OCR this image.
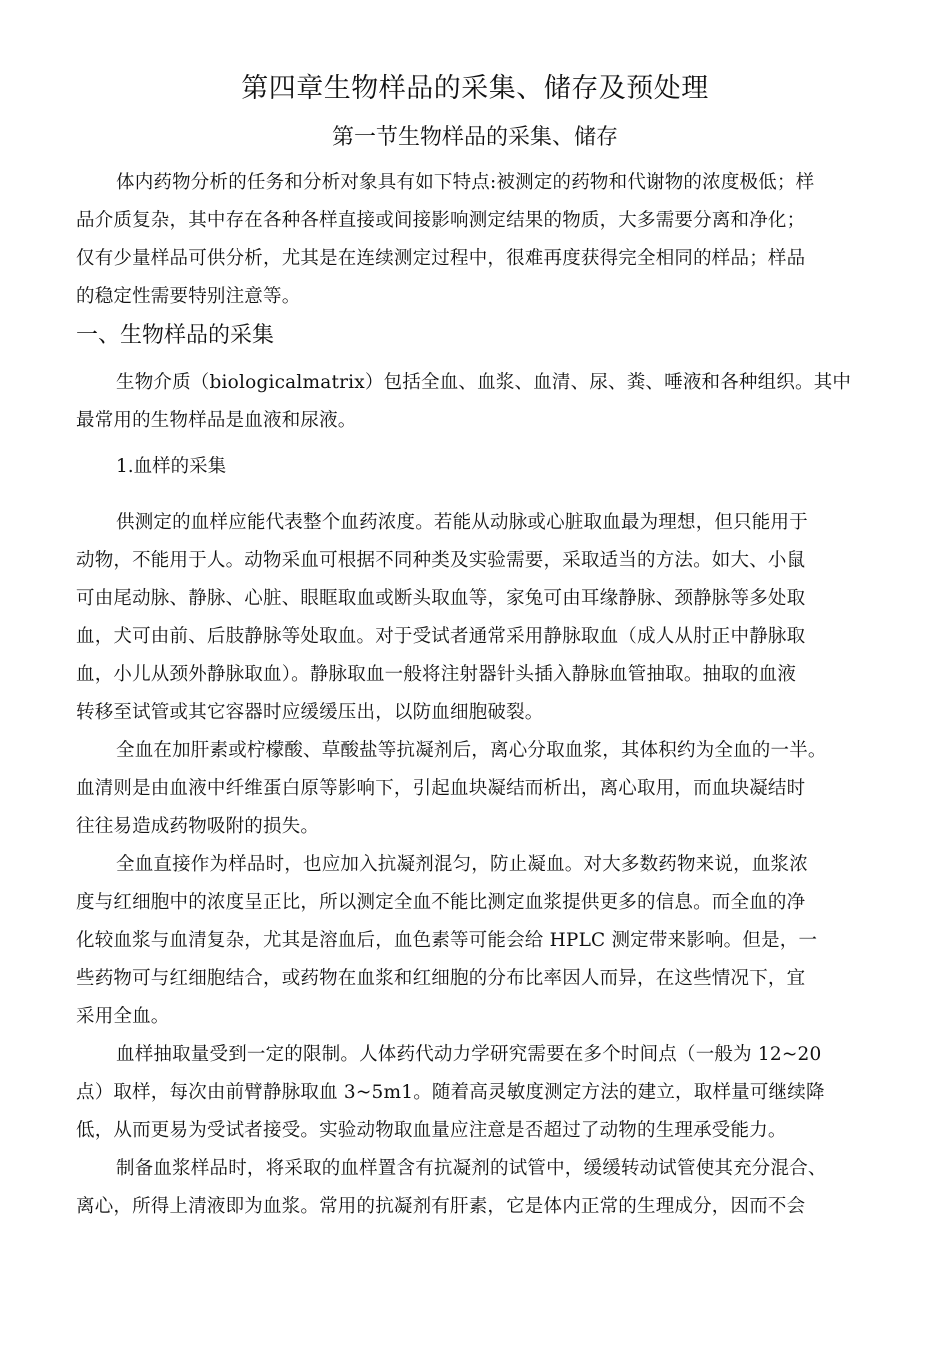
第四章生物样品的采集、储存及预处理
第一节生物样品的采集、储存
体内药物分析的任务和分析对象具有如下特点:被测定的药物和代谢物的浓度极低；样
品介质复杂，其中存在各种各样直接或间接影响测定结果的物质，大多需要分离和净化；
仅有少量样品可供分析，尤其是在连续测定过程中，很难再度获得完全相同的样品；样品
的稳定性需要特别注意等。
一、生物样品的采集
生物介质（biologicalmatrix）包括全血、血浆、血清、尿、粪、唾液和各种组织。其中
最常用的生物样品是血液和尿液。
1.血样的采集
供测定的血样应能代表整个血药浓度。若能从动脉或心脏取血最为理想，但只能用于
动物，不能用于人。动物采血可根据不同种类及实验需要，采取适当的方法。如大、小鼠
可由尾动脉、静脉、心脏、眼眶取血或断头取血等，家兔可由耳缘静脉、颈静脉等多处取
血，犬可由前、后肢静脉等处取血。对于受试者通常采用静脉取血（成人从肘正中静脉取
血，小儿从颈外静脉取血）。静脉取血一般将注射器针头插入静脉血管抽取。抽取的血液
转移至试管或其它容器时应缓缓压出，以防血细胞破裂。
全血在加肝素或柠檬酸、草酸盐等抗凝剂后，离心分取血浆，其体积约为全血的一半。
血清则是由血液中纤维蛋白原等影响下，引起血块凝结而析出，离心取用，而血块凝结时
往往易造成药物吸附的损失。
全血直接作为样品时，也应加入抗凝剂混匀，防止凝血。对大多数药物来说，血浆浓
度与红细胞中的浓度呈正比，所以测定全血不能比测定血浆提供更多的信息。而全血的净
化较血浆与血清复杂，尤其是溶血后，血色素等可能会给 HPLC 测定带来影响。但是，一
些药物可与红细胞结合，或药物在血浆和红细胞的分布比率因人而异，在这些情况下，宜
采用全血。
血样抽取量受到一定的限制。人体药代动力学研究需要在多个时间点（一般为 12~20
点）取样，每次由前臂静脉取血 3~5m1。随着高灵敏度测定方法的建立，取样量可继续降
低，从而更易为受试者接受。实验动物取血量应注意是否超过了动物的生理承受能力。
制备血浆样品时，将采取的血样置含有抗凝剂的试管中，缓缓转动试管使其充分混合、
离心，所得上清液即为血浆。常用的抗凝剂有肝素，它是体内正常的生理成分，因而不会
